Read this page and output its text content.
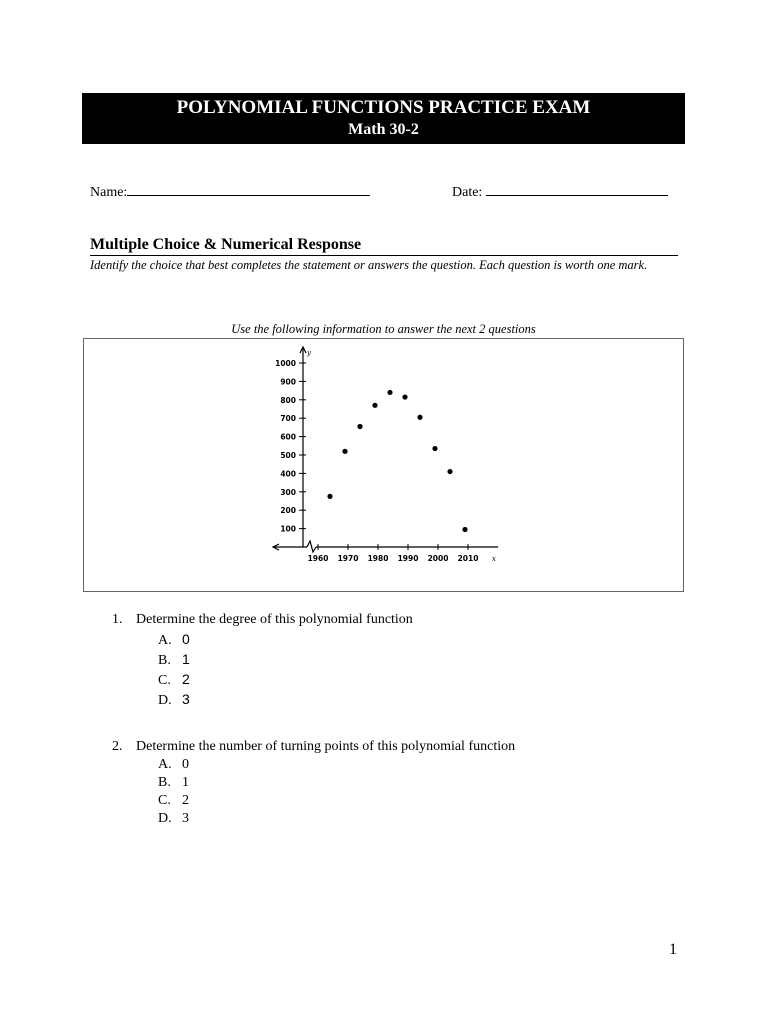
POLYNOMIAL FUNCTIONS PRACTICE EXAM
Math 30-2
Name:	Date:
Multiple Choice & Numerical Response
Identify the choice that best completes the statement or answers the question. Each question is worth one mark.
Use the following information to answer the next 2 questions
100
200
300
400
500
600
700
800
900
1000
1960 1970 1980 1990 2000 2010
y
x
1. Determine the degree of this polynomial function
A. 0
B. 1
C. 2
D. 3
2. Determine the number of turning points of this polynomial function
A. 0
B. 1
C. 2
D. 3
1
